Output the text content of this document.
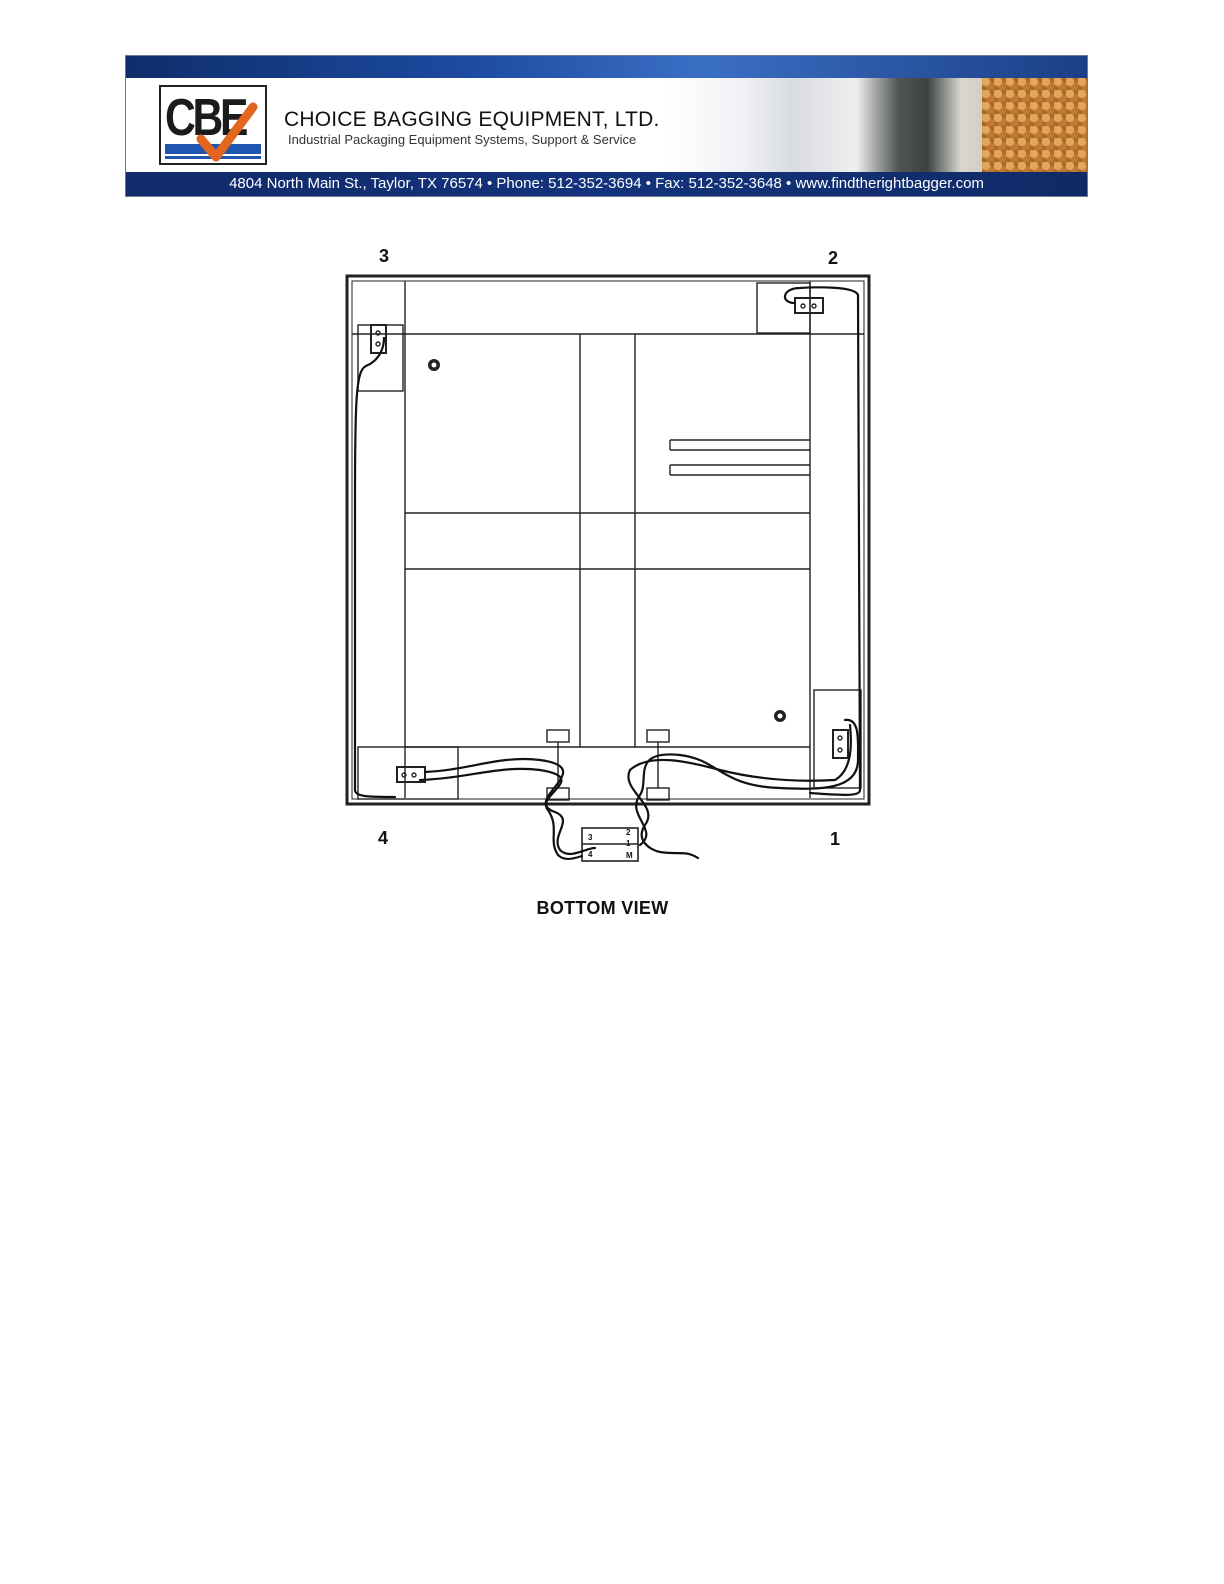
CBE CHOICE BAGGING EQUIPMENT, LTD.
Industrial Packaging Equipment Systems, Support & Service
4804 North Main St., Taylor, TX 76574 • Phone: 512-352-3694 • Fax: 512-352-3648 • www.findtherightbagger.com
3	2
4	1
3
4
2
1
M
BOTTOM VIEW
